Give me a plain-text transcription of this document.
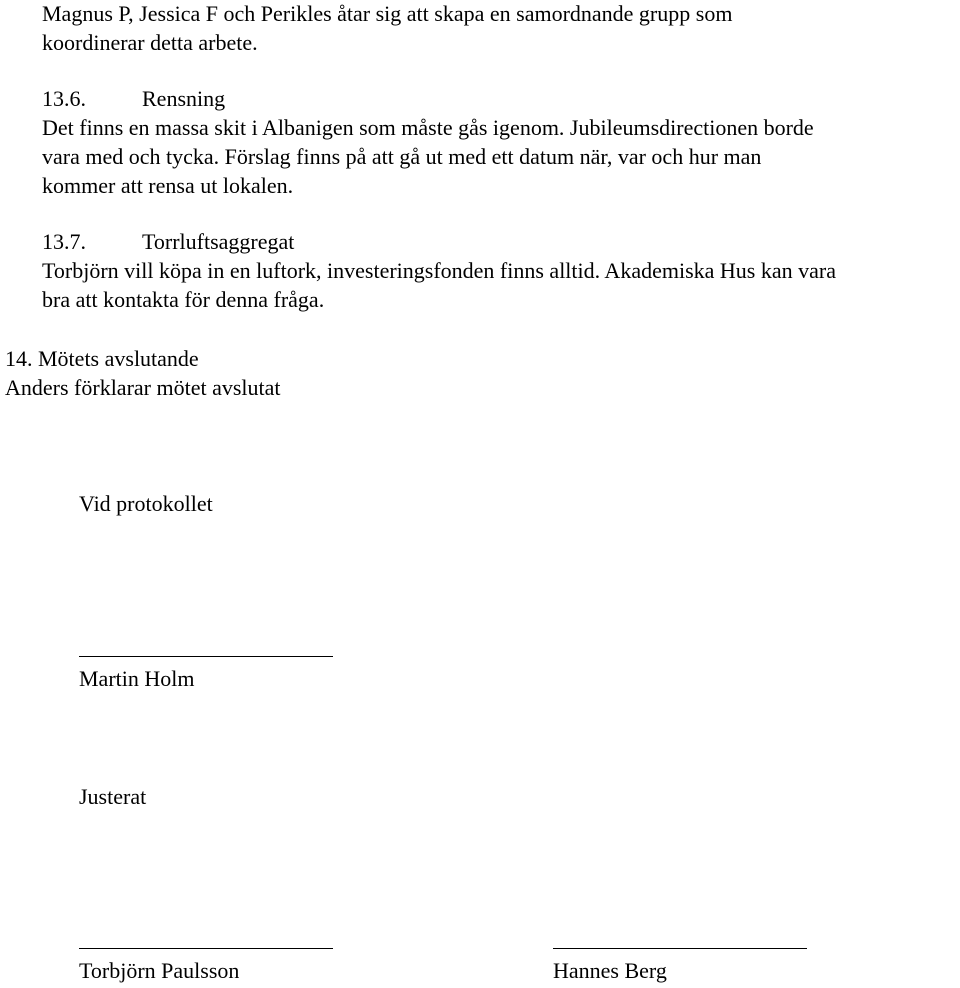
Magnus P, Jessica F och Perikles åtar sig att skapa en samordnande grupp som

koordinerar detta arbete.

13.6.	Rensning

Det finns en massa skit i Albanigen som måste gås igenom. Jubileumsdirectionen borde

vara med och tycka. Förslag finns på att gå ut med ett datum när, var och hur man

kommer att rensa ut lokalen.

13.7.	Torrluftsaggregat

Torbjörn vill köpa in en luftork, investeringsfonden finns alltid. Akademiska Hus kan vara

bra att kontakta för denna fråga.

14. Mötets avslutande

Anders förklarar mötet avslutat

Vid protokollet

Martin Holm

Justerat

Torbjörn Paulsson	Hannes Berg
